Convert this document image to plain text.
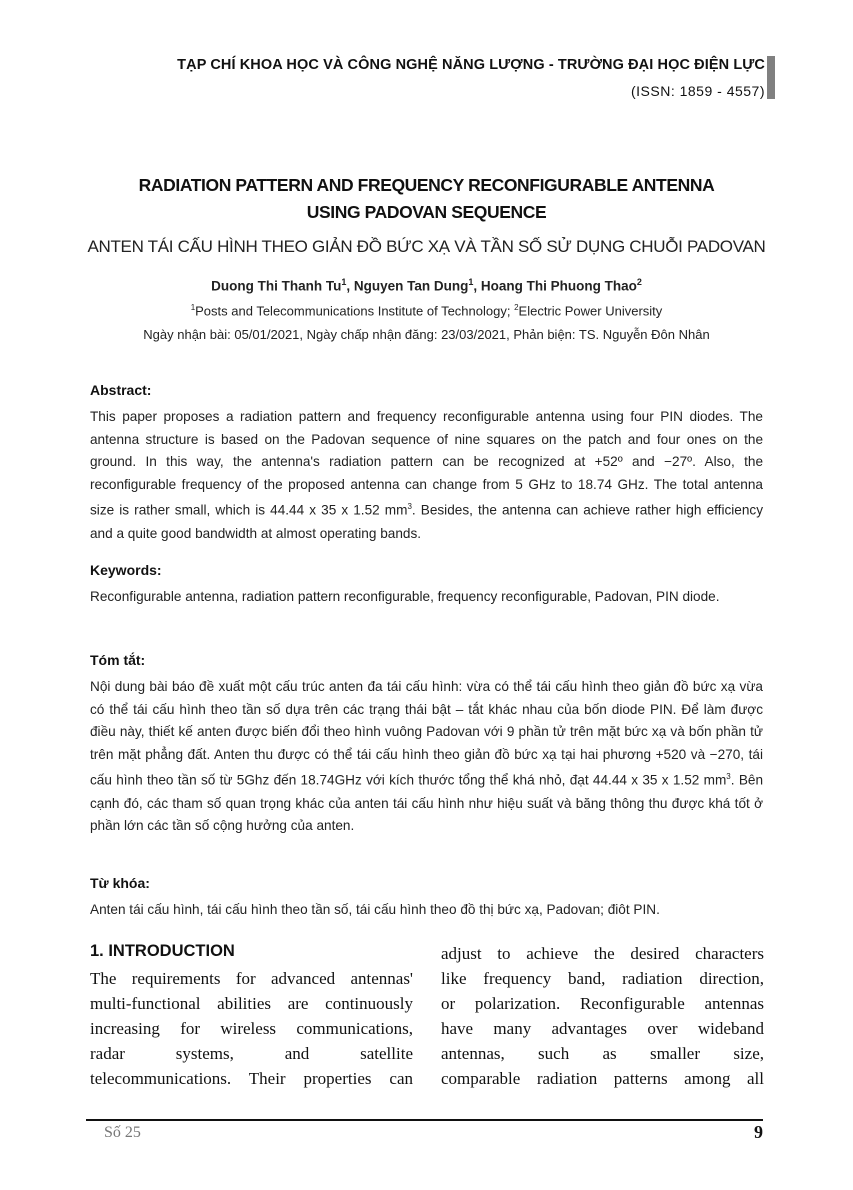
TẠP CHÍ KHOA HỌC VÀ CÔNG NGHỆ NĂNG LƯỢNG - TRƯỜNG ĐẠI HỌC ĐIỆN LỰC
(ISSN: 1859 - 4557)
RADIATION PATTERN AND FREQUENCY RECONFIGURABLE ANTENNA
USING PADOVAN SEQUENCE
ANTEN TÁI CẤU HÌNH THEO GIẢN ĐỒ BỨC XẠ VÀ TẦN SỐ SỬ DỤNG CHUỖI PADOVAN
Duong Thi Thanh Tu$^1$, Nguyen Tan Dung$^1$, Hoang Thi Phuong Thao$^2$
$^1$Posts and Telecommunications Institute of Technology; $^2$Electric Power University
Ngày nhận bài: 05/01/2021, Ngày chấp nhận đăng: 23/03/2021, Phản biện: TS. Nguyễn Đôn Nhân
Abstract:
This paper proposes a radiation pattern and frequency reconfigurable antenna using four PIN diodes. The antenna structure is based on the Padovan sequence of nine squares on the patch and four ones on the ground. In this way, the antenna's radiation pattern can be recognized at +52º and −27º. Also, the reconfigurable frequency of the proposed antenna can change from 5 GHz to 18.74 GHz. The total antenna size is rather small, which is 44.44 x 35 x 1.52 $mm^3$. Besides, the antenna can achieve rather high efficiency and a quite good bandwidth at almost operating bands.
Keywords:
Reconfigurable antenna, radiation pattern reconfigurable, frequency reconfigurable, Padovan, PIN diode.
Tóm tắt:
Nội dung bài báo đề xuất một cấu trúc anten đa tái cấu hình: vừa có thể tái cấu hình theo giản đồ bức xạ vừa có thể tái cấu hình theo tần số dựa trên các trạng thái bật – tắt khác nhau của bốn diode PIN. Để làm được điều này, thiết kế anten được biến đổi theo hình vuông Padovan với 9 phần tử trên mặt bức xạ và bốn phần tử trên mặt phẳng đất. Anten thu được có thể tái cấu hình theo giản đồ bức xạ tại hai phương +520 và −270, tái cấu hình theo tần số từ 5Ghz đến 18.74GHz với kích thước tổng thể khá nhỏ, đạt 44.44 x 35 x 1.52 $mm^3$. Bên cạnh đó, các tham số quan trọng khác của anten tái cấu hình như hiệu suất và băng thông thu được khá tốt ở phần lớn các tần số cộng hưởng của anten.
Từ khóa:
Anten tái cấu hình, tái cấu hình theo tần số, tái cấu hình theo đồ thị bức xạ, Padovan; điôt PIN.
1. INTRODUCTION
The requirements for advanced antennas'
multi-functional abilities are continuously
increasing for wireless communications,
radar systems, and satellite
telecommunications. Their properties can
adjust to achieve the desired characters
like frequency band, radiation direction,
or polarization. Reconfigurable antennas
have many advantages over wideband
antennas, such as smaller size,
comparable radiation patterns among all
Số 25	9
